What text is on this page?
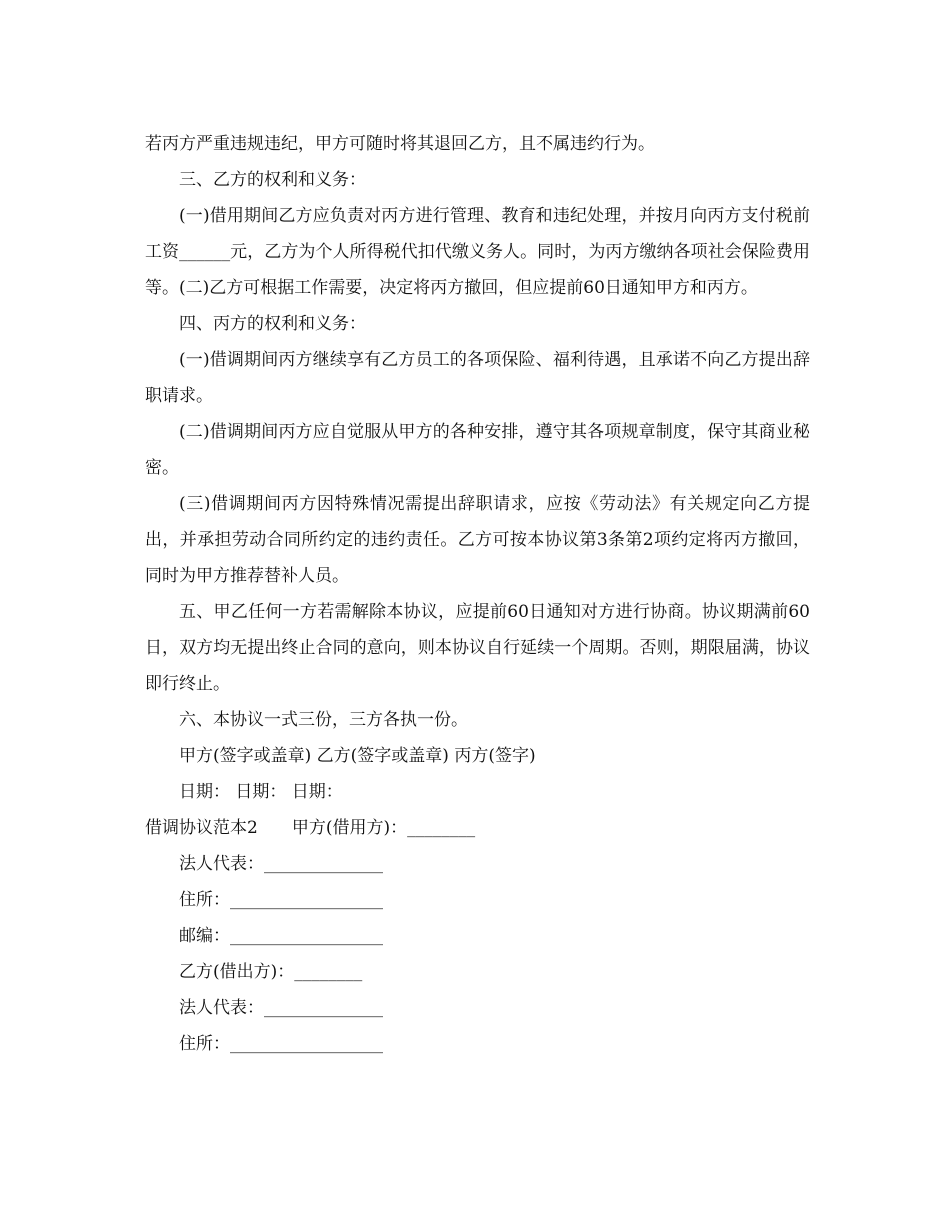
若丙方严重违规违纪，甲方可随时将其退回乙方，且不属违约行为。

三、乙方的权利和义务：

(一)借用期间乙方应负责对丙方进行管理、教育和违纪处理，并按月向丙方支付税前工资______元，乙方为个人所得税代扣代缴义务人。同时，为丙方缴纳各项社会保险费用等。(二)乙方可根据工作需要，决定将丙方撤回，但应提前60日通知甲方和丙方。

四、丙方的权利和义务：

(一)借调期间丙方继续享有乙方员工的各项保险、福利待遇，且承诺不向乙方提出辞职请求。

(二)借调期间丙方应自觉服从甲方的各种安排，遵守其各项规章制度，保守其商业秘密。

(三)借调期间丙方因特殊情况需提出辞职请求，应按《劳动法》有关规定向乙方提出，并承担劳动合同所约定的违约责任。乙方可按本协议第3条第2项约定将丙方撤回，同时为甲方推荐替补人员。

五、甲乙任何一方若需解除本协议，应提前60日通知对方进行协商。协议期满前60日，双方均无提出终止合同的意向，则本协议自行延续一个周期。否则，期限届满，协议即行终止。

六、本协议一式三份，三方各执一份。

甲方(签字或盖章) 乙方(签字或盖章) 丙方(签字)

日期： 日期： 日期：

借调协议范本2　　甲方(借用方)：________

法人代表：______________

住所：__________________

邮编：__________________

乙方(借出方)：________

法人代表：______________

住所：__________________
